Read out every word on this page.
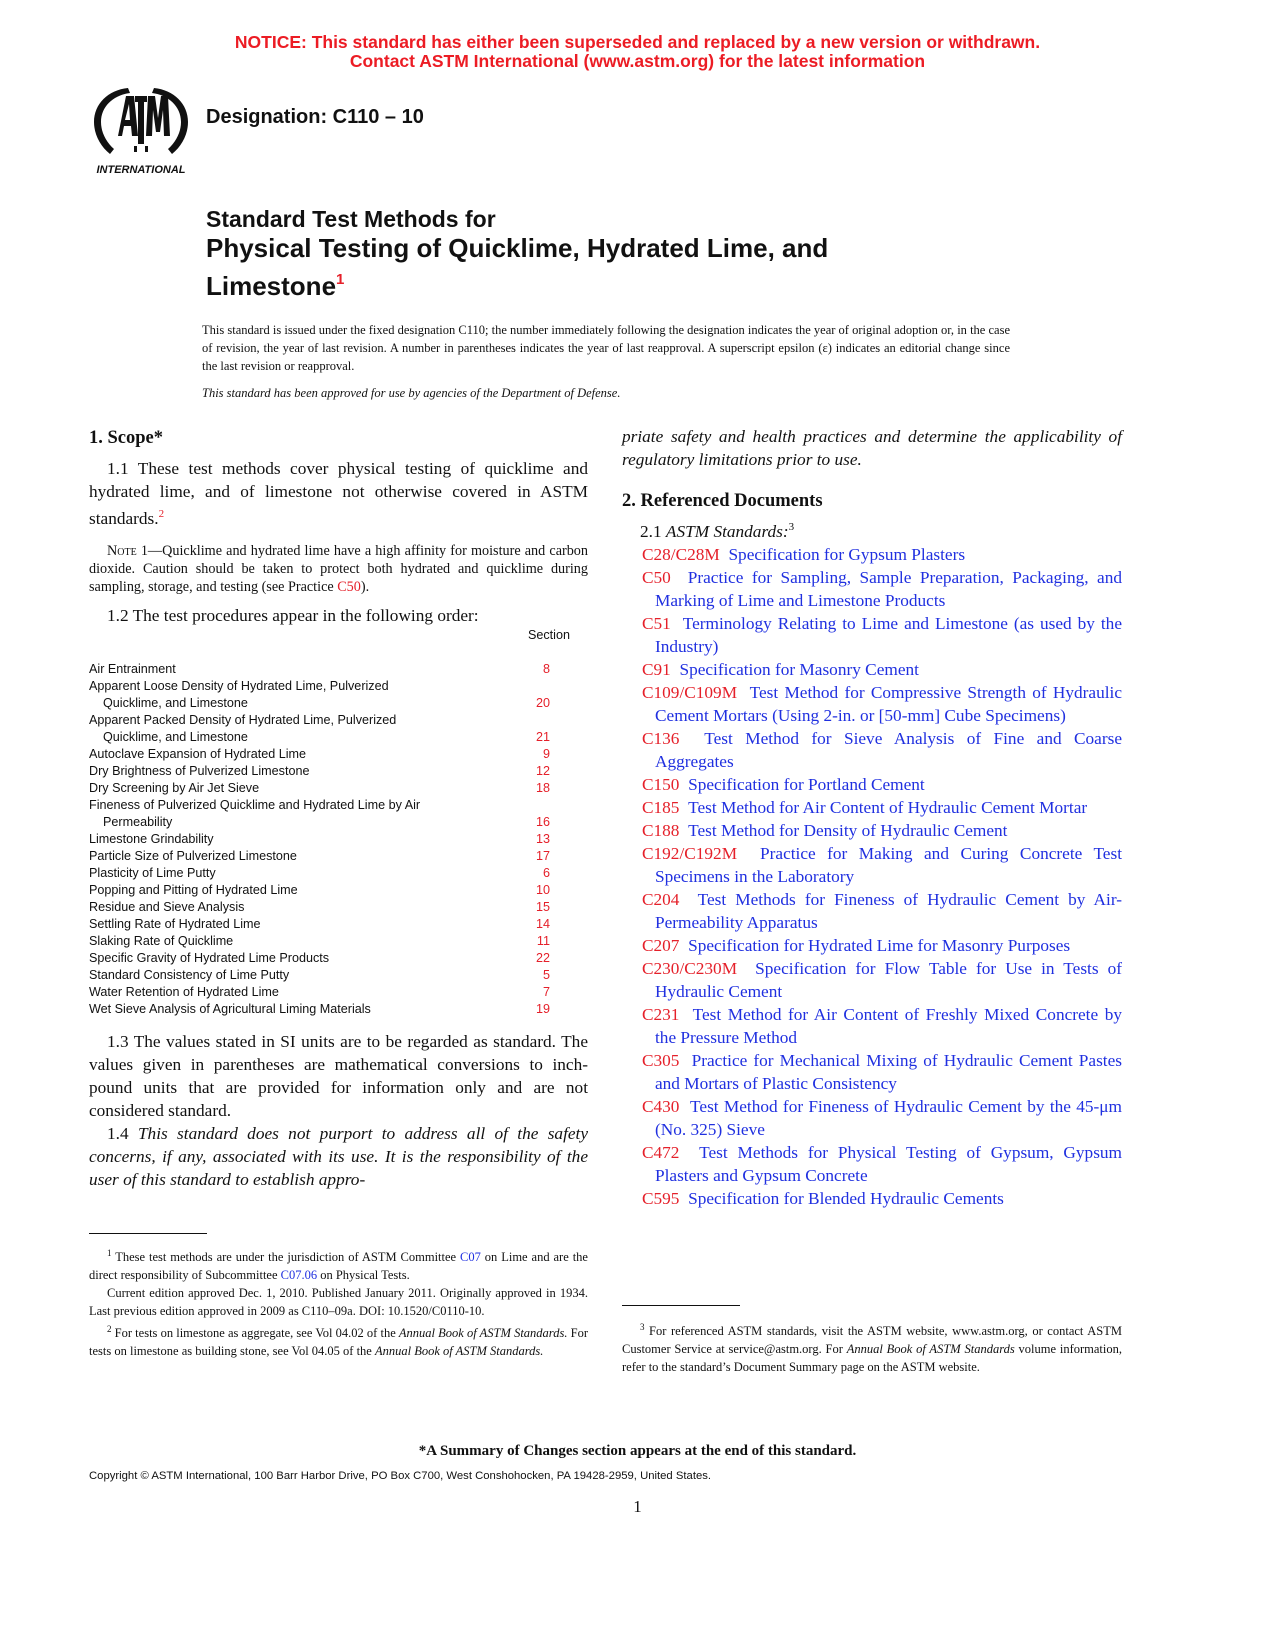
NOTICE: This standard has either been superseded and replaced by a new version or withdrawn.
Contact ASTM International (www.astm.org) for the latest information
INTERNATIONAL
Designation: C110 – 10
Standard Test Methods for
Physical Testing of Quicklime, Hydrated Lime, and
Limestone$^1$
This standard is issued under the fixed designation C110; the number immediately following the designation indicates the year of original adoption or, in the case of revision, the year of last revision. A number in parentheses indicates the year of last reapproval. A superscript epsilon (ε) indicates an editorial change since the last revision or reapproval.
This standard has been approved for use by agencies of the Department of Defense.
1. Scope*

1.1 These test methods cover physical testing of quicklime and hydrated lime, and of limestone not otherwise covered in ASTM standards.$^2$

Note 1—Quicklime and hydrated lime have a high affinity for moisture and carbon dioxide. Caution should be taken to protect both hydrated and quicklime during sampling, storage, and testing (see Practice C50).

1.2 The test procedures appear in the following order:

Section
Air Entrainment	8
Apparent Loose Density of Hydrated Lime, Pulverized
Quicklime, and Limestone	20
Apparent Packed Density of Hydrated Lime, Pulverized
Quicklime, and Limestone	21
Autoclave Expansion of Hydrated Lime	9
Dry Brightness of Pulverized Limestone	12
Dry Screening by Air Jet Sieve	18
Fineness of Pulverized Quicklime and Hydrated Lime by Air
Permeability	16
Limestone Grindability	13
Particle Size of Pulverized Limestone	17
Plasticity of Lime Putty	6
Popping and Pitting of Hydrated Lime	10
Residue and Sieve Analysis	15
Settling Rate of Hydrated Lime	14
Slaking Rate of Quicklime	11
Specific Gravity of Hydrated Lime Products	22
Standard Consistency of Lime Putty	5
Water Retention of Hydrated Lime	7
Wet Sieve Analysis of Agricultural Liming Materials	19

1.3 The values stated in SI units are to be regarded as standard. The values given in parentheses are mathematical conversions to inch-pound units that are provided for information only and are not considered standard.

1.4 This standard does not purport to address all of the safety concerns, if any, associated with its use. It is the responsibility of the user of this standard to establish appro-

$^1$ These test methods are under the jurisdiction of ASTM Committee C07 on Lime and are the direct responsibility of Subcommittee C07.06 on Physical Tests.

Current edition approved Dec. 1, 2010. Published January 2011. Originally approved in 1934. Last previous edition approved in 2009 as C110–09a. DOI: 10.1520/C0110-10.

$^2$ For tests on limestone as aggregate, see Vol 04.02 of the Annual Book of ASTM Standards. For tests on limestone as building stone, see Vol 04.05 of the Annual Book of ASTM Standards.

priate safety and health practices and determine the applicability of regulatory limitations prior to use.

2. Referenced Documents

2.1 ASTM Standards:$^3$

C28/C28M Specification for Gypsum Plasters

C50 Practice for Sampling, Sample Preparation, Packaging, and Marking of Lime and Limestone Products

C51 Terminology Relating to Lime and Limestone (as used by the Industry)

C91 Specification for Masonry Cement

C109/C109M Test Method for Compressive Strength of Hydraulic Cement Mortars (Using 2-in. or [50-mm] Cube Specimens)

C136 Test Method for Sieve Analysis of Fine and Coarse Aggregates

C150 Specification for Portland Cement

C185 Test Method for Air Content of Hydraulic Cement Mortar

C188 Test Method for Density of Hydraulic Cement

C192/C192M Practice for Making and Curing Concrete Test Specimens in the Laboratory

C204 Test Methods for Fineness of Hydraulic Cement by Air-Permeability Apparatus

C207 Specification for Hydrated Lime for Masonry Purposes

C230/C230M Specification for Flow Table for Use in Tests of Hydraulic Cement

C231 Test Method for Air Content of Freshly Mixed Concrete by the Pressure Method

C305 Practice for Mechanical Mixing of Hydraulic Cement Pastes and Mortars of Plastic Consistency

C430 Test Method for Fineness of Hydraulic Cement by the 45-μm (No. 325) Sieve

C472 Test Methods for Physical Testing of Gypsum, Gypsum Plasters and Gypsum Concrete

C595 Specification for Blended Hydraulic Cements

$^3$ For referenced ASTM standards, visit the ASTM website, www.astm.org, or contact ASTM Customer Service at service@astm.org. For Annual Book of ASTM Standards volume information, refer to the standard’s Document Summary page on the ASTM website.

*A Summary of Changes section appears at the end of this standard.
Copyright © ASTM International, 100 Barr Harbor Drive, PO Box C700, West Conshohocken, PA 19428-2959, United States.
1
